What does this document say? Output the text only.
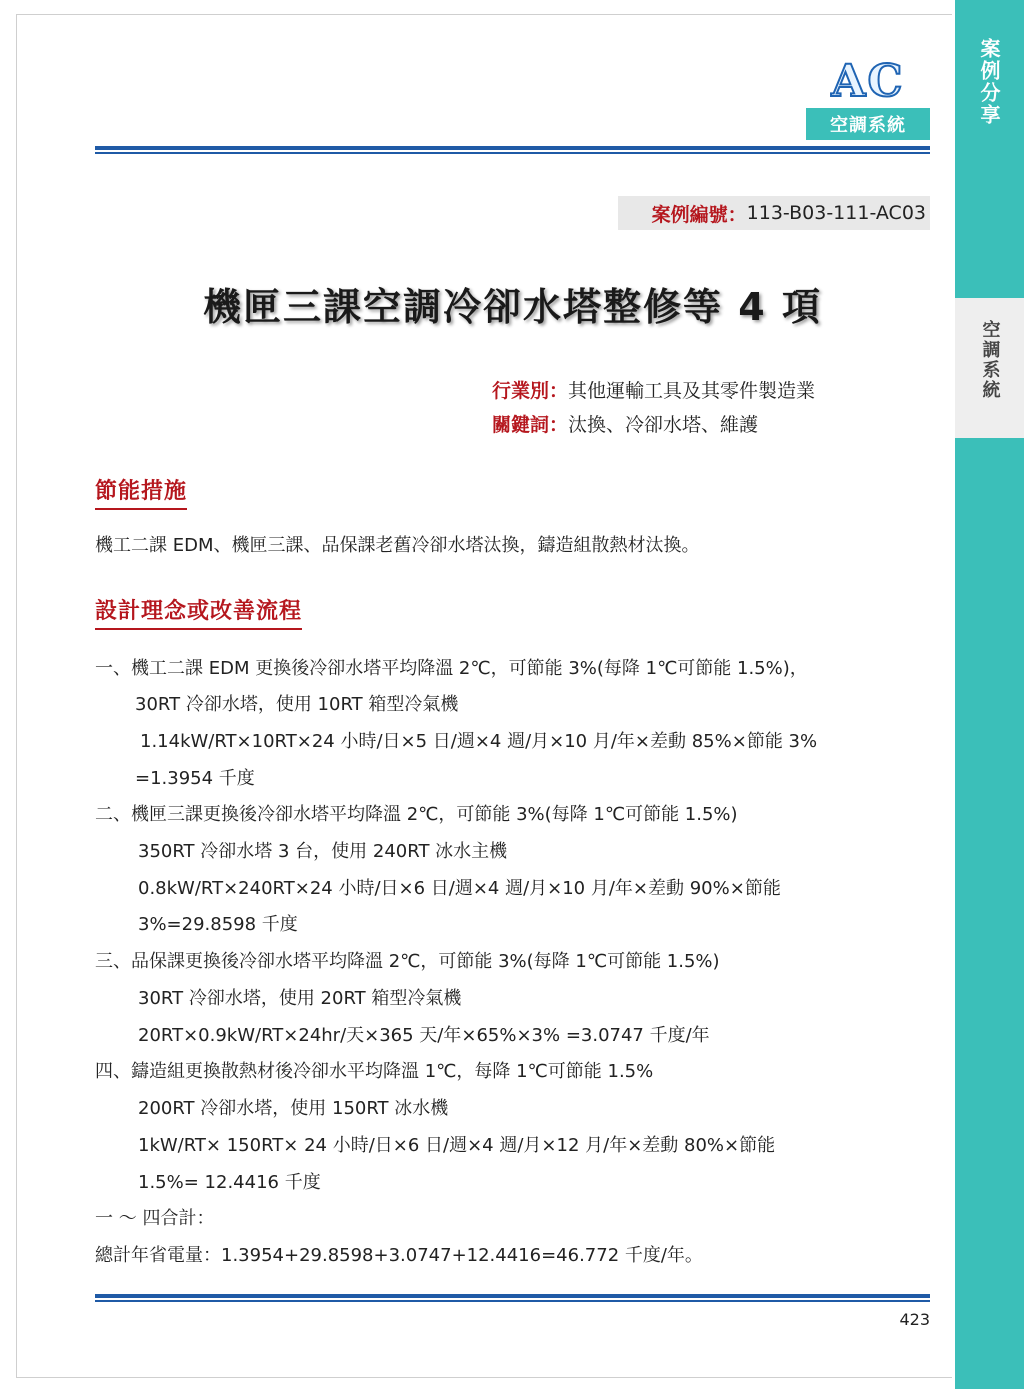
案例分享
空調系統
AC
空調系統
案例編號： 113-B03-111-AC03
機匣三課空調冷卻水塔整修等 4 項
行業別：其他運輸工具及其零件製造業
關鍵詞：汰換、冷卻水塔、維護
節能措施
機工二課 EDM、機匣三課、品保課老舊冷卻水塔汰換，鑄造組散熱材汰換。
設計理念或改善流程
一、機工二課 EDM 更換後冷卻水塔平均降溫 2℃，可節能 3%(每降 1℃可節能 1.5%)，
30RT 冷卻水塔，使用 10RT 箱型冷氣機
1.14kW/RT×10RT×24 小時/日×5 日/週×4 週/月×10 月/年×差動 85%×節能 3%
=1.3954 千度
二、機匣三課更換後冷卻水塔平均降溫 2℃，可節能 3%(每降 1℃可節能 1.5%)
350RT 冷卻水塔 3 台，使用 240RT 冰水主機
0.8kW/RT×240RT×24 小時/日×6 日/週×4 週/月×10 月/年×差動 90%×節能
3%=29.8598 千度
三、品保課更換後冷卻水塔平均降溫 2℃，可節能 3%(每降 1℃可節能 1.5%)
30RT 冷卻水塔，使用 20RT 箱型冷氣機
20RT×0.9kW/RT×24hr/天×365 天/年×65%×3% =3.0747 千度/年
四、鑄造組更換散熱材後冷卻水平均降溫 1℃，每降 1℃可節能 1.5%
200RT 冷卻水塔，使用 150RT 冰水機
1kW/RT× 150RT× 24 小時/日×6 日/週×4 週/月×12 月/年×差動 80%×節能
1.5%= 12.4416 千度
一 ～ 四合計：
總計年省電量：1.3954+29.8598+3.0747+12.4416=46.772 千度/年。
423
